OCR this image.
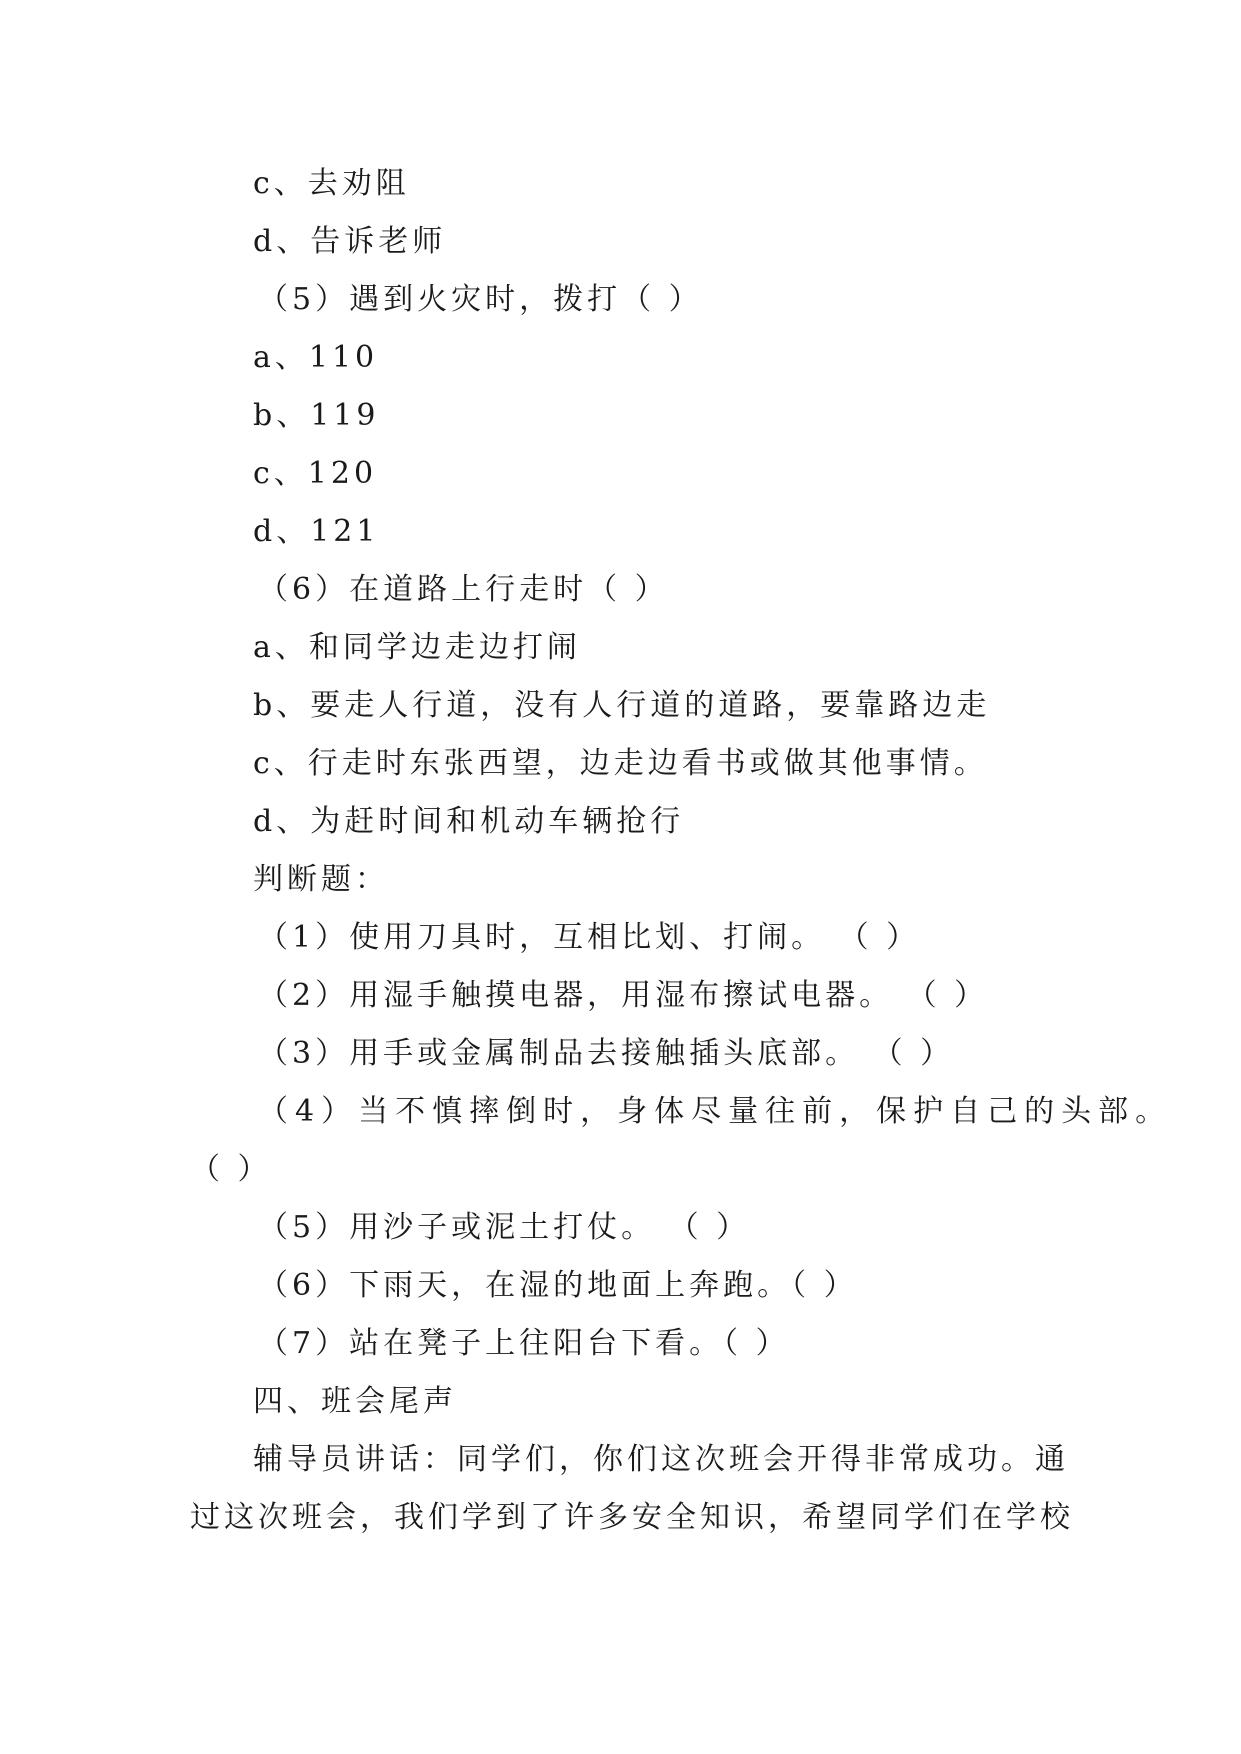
c、去劝阻
d、告诉老师
（5）遇到火灾时，拨打（ ）
a、110
b、119
c、120
d、121
（6）在道路上行走时（ ）
a、和同学边走边打闹
b、要走人行道，没有人行道的道路，要靠路边走
c、行走时东张西望，边走边看书或做其他事情。
d、为赶时间和机动车辆抢行
判断题：
（1）使用刀具时，互相比划、打闹。 （ ）
（2）用湿手触摸电器，用湿布擦试电器。 （ ）
（3）用手或金属制品去接触插头底部。 （ ）
（4）当不慎摔倒时，身体尽量往前，保护自己的头部。
（ ）
（5）用沙子或泥土打仗。 （ ）
（6）下雨天，在湿的地面上奔跑。（ ）
（7）站在凳子上往阳台下看。（ ）
四、班会尾声
辅导员讲话：同学们，你们这次班会开得非常成功。通
过这次班会，我们学到了许多安全知识，希望同学们在学校
